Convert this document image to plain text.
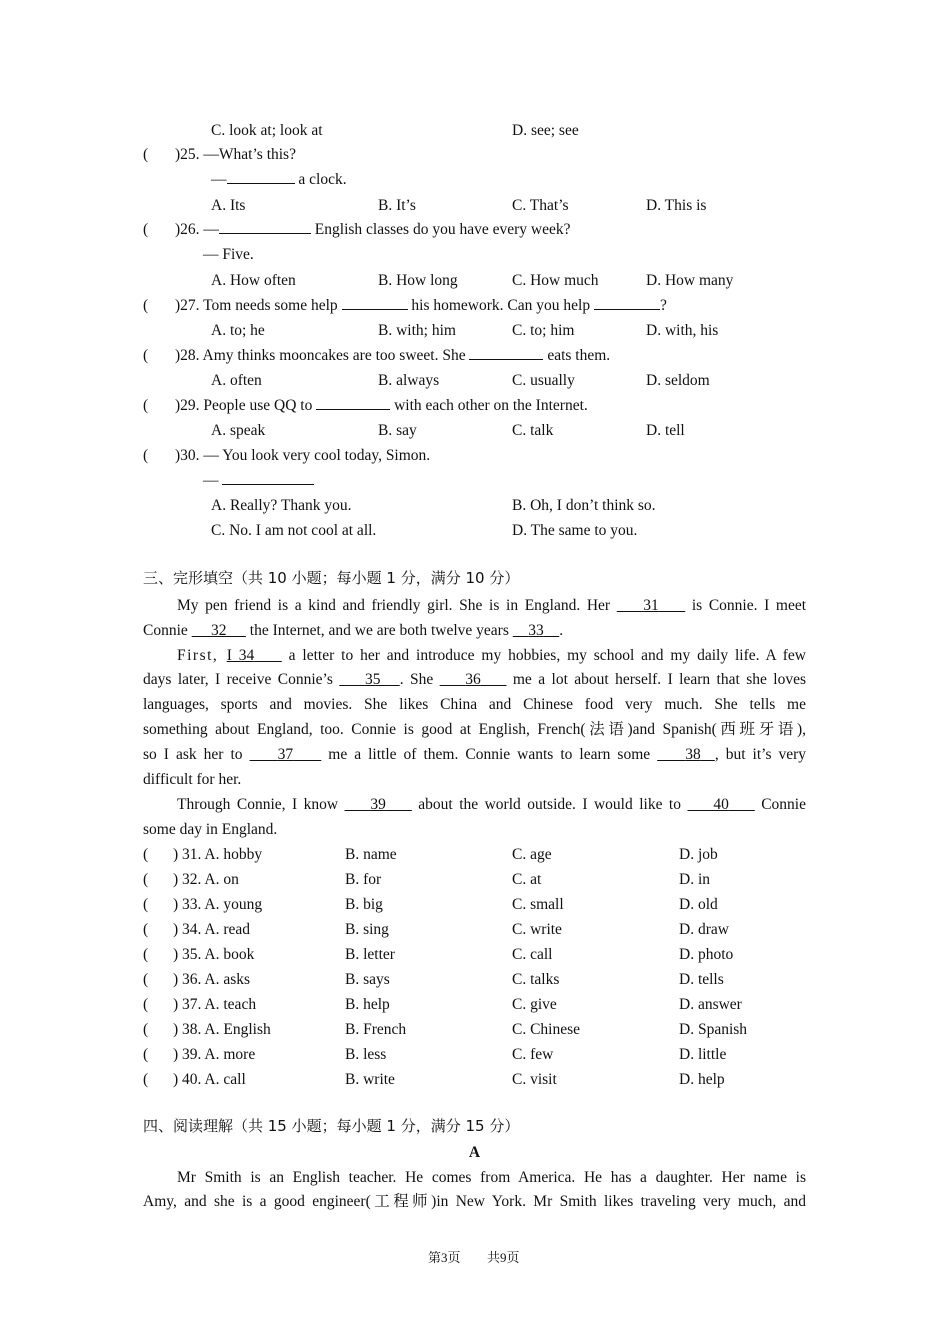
C. look at; look at	D. see; see
( )25. —What’s this?
—	a clock.
A. Its	B. It’s	C. That’s	D. This is
( )26. —	English classes do you have every week?
— Five.
A. How often	B. How long	C. How much	D. How many
( )27. Tom needs some help	his homework. Can you help	?
A. to; he	B. with; him	C. to; him	D. with, his
( )28. Amy thinks mooncakes are too sweet. She	eats them.
A. often	B. always	C. usually	D. seldom
( )29. People use QQ to	with each other on the Internet.
A. speak	B. say	C. talk	D. tell
( )30. — You look very cool today, Simon.
—
A. Really? Thank you.	B. Oh, I don’t think so.
C. No. I am not cool at all.	D. The same to you.
三、完形填空（共 10 小题；每小题 1 分，满分 10 分）
My pen friend is a kind and friendly girl. She is in England. Her     31     is Connie. I meet
Connie      32      the Internet, and we are both twelve years     33 .
First, I 34     a letter to her and introduce my hobbies, my school and my daily life. A few
days later, I receive Connie’s     35 . She     36     me a lot about herself. I learn that she loves
languages, sports and movies. She likes China and Chinese food very much. She tells me
something about England, too. Connie is good at English, French(法语)and Spanish(西班牙语),
so I ask her to     37     me a little of them. Connie wants to learn some     38 , but it’s very
difficult for her.
Through Connie, I know     39     about the world outside. I would like to     40     Connie
some day in England.
( ) 31. A. hobby	B. name	C. age	D. job
( ) 32. A. on	B. for	C. at	D. in
( ) 33. A. young	B. big	C. small	D. old
( ) 34. A. read	B. sing	C. write	D. draw
( ) 35. A. book	B. letter	C. call	D. photo
( ) 36. A. asks	B. says	C. talks	D. tells
( ) 37. A. teach	B. help	C. give	D. answer
( ) 38. A. English	B. French	C. Chinese	D. Spanish
( ) 39. A. more	B. less	C. few	D. little
( ) 40. A. call	B. write	C. visit	D. help
四、阅读理解（共 15 小题；每小题 1 分，满分 15 分）
A
Mr Smith is an English teacher. He comes from America. He has a daughter. Her name is
Amy, and she is a good engineer(工程师)in New York. Mr Smith likes traveling very much, and
第3页 共9页
